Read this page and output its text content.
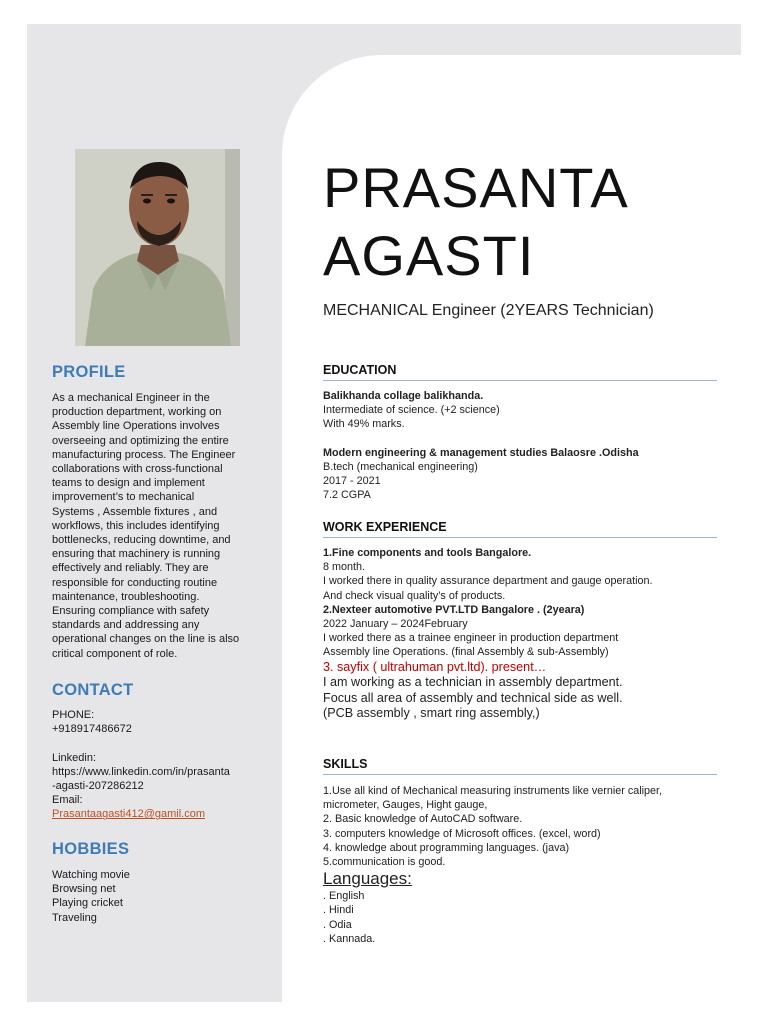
PROFILE
As a mechanical Engineer in the
production department, working on
Assembly line Operations involves
overseeing and optimizing the entire
manufacturing process. The Engineer
collaborations with cross-functional
teams to design and implement
improvement’s to mechanical
Systems , Assemble fixtures , and
workflows, this includes identifying
bottlenecks, reducing downtime, and
ensuring that machinery is running
effectively and reliably. They are
responsible for conducting routine
maintenance, troubleshooting.
Ensuring compliance with safety
standards and addressing any
operational changes on the line is also
critical component of role.
CONTACT
PHONE:
+918917486672
Linkedin:
https://www.linkedin.com/in/prasanta
-agasti-207286212
Email:
Prasantaagasti412@gamil.com
HOBBIES
Watching movie
Browsing net
Playing cricket
Traveling
PRASANTA
AGASTI
MECHANICAL Engineer (2YEARS Technician)
EDUCATION
Balikhanda collage balikhanda.
Intermediate of science. (+2 science)
With 49% marks.
Modern engineering & management studies Balaosre .Odisha
B.tech (mechanical engineering)
2017 - 2021
7.2 CGPA
WORK EXPERIENCE
1.Fine components and tools Bangalore.
8 month.
I worked there in quality assurance department and gauge operation.
And check visual quality’s of products.
2.Nexteer automotive PVT.LTD Bangalore . (2yeara)
2022 January – 2024February
I worked there as a trainee engineer in production department
Assembly line Operations. (final Assembly & sub-Assembly)
3. sayfix ( ultrahuman pvt.ltd). present…
I am working as a technician in assembly department.
Focus all area of assembly and technical side as well.
(PCB assembly , smart ring assembly,)
SKILLS
1.Use all kind of Mechanical measuring instruments like vernier caliper,
micrometer, Gauges, Hight gauge,
2. Basic knowledge of AutoCAD software.
3. computers knowledge of Microsoft offices. (excel, word)
4. knowledge about programming languages. (java)
5.communication is good.
Languages:
. English
. Hindi
. Odia
. Kannada.
